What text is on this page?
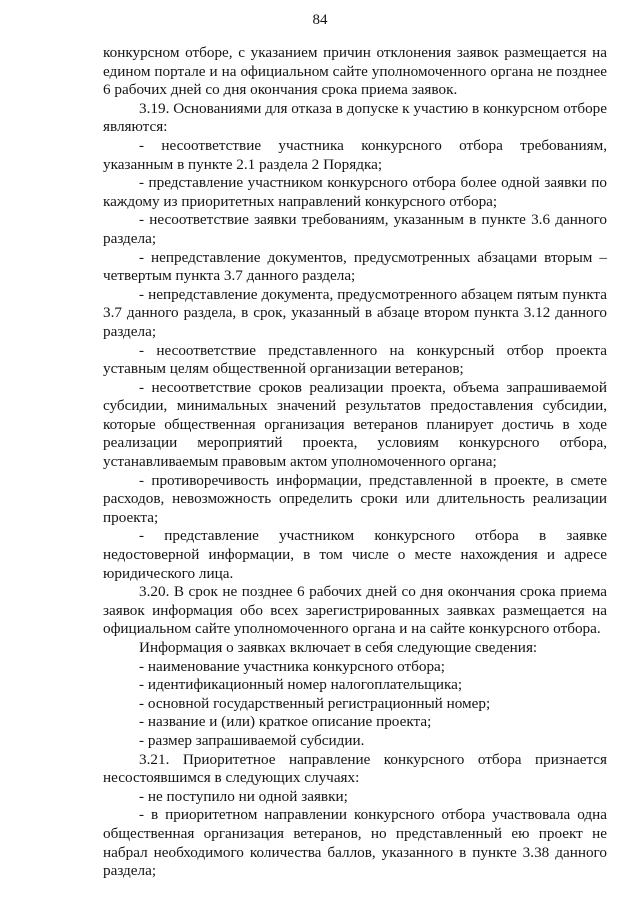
84

конкурсном отборе, с указанием причин отклонения заявок размещается на едином портале и на официальном сайте уполномоченного органа не позднее 6 рабочих дней со дня окончания срока приема заявок.

3.19. Основаниями для отказа в допуске к участию в конкурсном отборе являются:

- несоответствие участника конкурсного отбора требованиям, указанным в пункте 2.1 раздела 2 Порядка;

- представление участником конкурсного отбора более одной заявки по каждому из приоритетных направлений конкурсного отбора;

- несоответствие заявки требованиям, указанным в пункте 3.6 данного раздела;

- непредставление документов, предусмотренных абзацами вторым – четвертым пункта 3.7 данного раздела;

- непредставление документа, предусмотренного абзацем пятым пункта 3.7 данного раздела, в срок, указанный в абзаце втором пункта 3.12 данного раздела;

- несоответствие представленного на конкурсный отбор проекта уставным целям общественной организации ветеранов;

- несоответствие сроков реализации проекта, объема запрашиваемой субсидии, минимальных значений результатов предоставления субсидии, которые общественная организация ветеранов планирует достичь в ходе реализации мероприятий проекта, условиям конкурсного отбора, устанавливаемым правовым актом уполномоченного органа;

- противоречивость информации, представленной в проекте, в смете расходов, невозможность определить сроки или длительность реализации проекта;

- представление участником конкурсного отбора в заявке недостоверной информации, в том числе о месте нахождения и адресе юридического лица.

3.20. В срок не позднее 6 рабочих дней со дня окончания срока приема заявок информация обо всех зарегистрированных заявках размещается на официальном сайте уполномоченного органа и на сайте конкурсного отбора.

Информация о заявках включает в себя следующие сведения:

- наименование участника конкурсного отбора;

- идентификационный номер налогоплательщика;

- основной государственный регистрационный номер;

- название и (или) краткое описание проекта;

- размер запрашиваемой субсидии.

3.21. Приоритетное направление конкурсного отбора признается несостоявшимся в следующих случаях:

- не поступило ни одной заявки;

- в приоритетном направлении конкурсного отбора участвовала одна общественная организация ветеранов, но представленный ею проект не набрал необходимого количества баллов, указанного в пункте 3.38 данного раздела;
